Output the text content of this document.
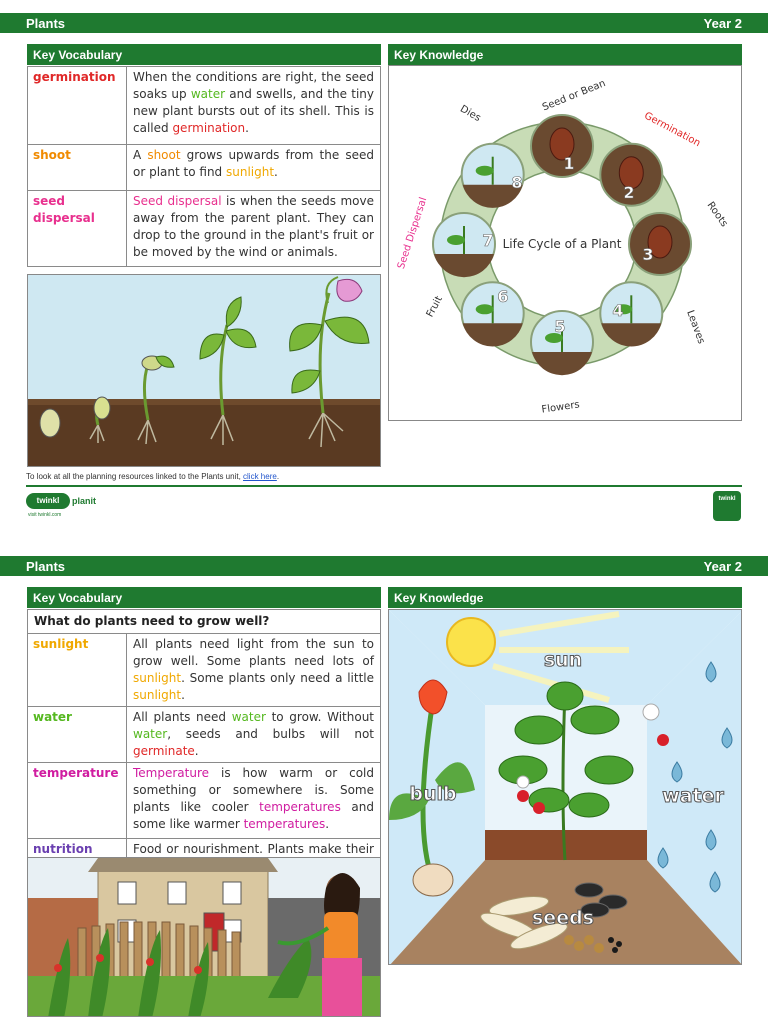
Plants	Year 2
Key Vocabulary	Key Knowledge
germination	When the conditions are right, the seed soaks up water and swells, and the tiny new plant bursts out of its shell. This is called germination.
shoot	A shoot grows upwards from the seed or plant to find sunlight.
seed dispersal	Seed dispersal is when the seeds move away from the parent plant. They can drop to the ground in the plant's fruit or be moved by the wind or animals.
Life Cycle of a Plant
1
2
3
4
5
6
7
8
Seed or Bean
Germination
Roots
Leaves
Flowers
Fruit
Seed Dispersal
Dies
To look at all the planning resources linked to the Plants unit, click here.
twinkl	planit
visit twinkl.com
twinkl
Plants	Year 2
Key Vocabulary	Key Knowledge
What do plants need to grow well?	
sunlight	All plants need light from the sun to grow well. Some plants need lots of sunlight. Some plants only need a little sunlight.
water	All plants need water to grow. Without water, seeds and bulbs will not germinate.
temperature	Temperature is how warm or cold something or somewhere is. Some plants like cooler temperatures and some like warmer temperatures.
nutrition	Food or nourishment. Plants make their
sun
bulb	water
seeds
